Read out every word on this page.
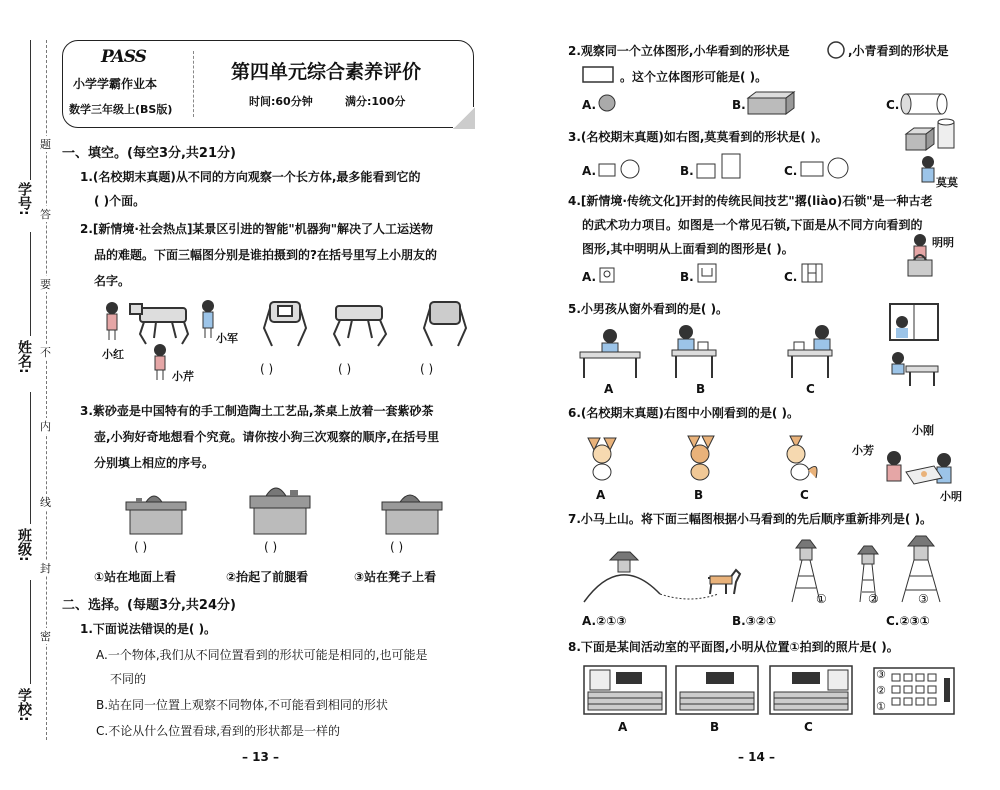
学号:
姓名:
班级:
学校:
题
答
要
不
内
线
封
密
PASS
小学学霸作业本
数学三年级上(BS版)
第四单元综合素养评价
时间:60分钟	满分:100分
一、填空。(每空3分,共21分)
1.(名校期末真题)从不同的方向观察一个长方体,最多能看到它的
( )个面。
2.[新情境·社会热点]某景区引进的智能"机器狗"解决了人工运送物
品的难题。下面三幅图分别是谁拍摄到的?在括号里写上小朋友的
名字。
小红
小军
小芹
( )	( )	( )
3.紫砂壶是中国特有的手工制造陶土工艺品,茶桌上放着一套紫砂茶
壶,小狗好奇地想看个究竟。请你按小狗三次观察的顺序,在括号里
分别填上相应的序号。
( )	( )	( )
①站在地面上看	②抬起了前腿看	③站在凳子上看
二、选择。(每题3分,共24分)
1.下面说法错误的是( )。
A.一个物体,我们从不同位置看到的形状可能是相同的,也可能是
不同的
B.站在同一位置上观察不同物体,不可能看到相同的形状
C.不论从什么位置看球,看到的形状都是一样的
– 13 –
2.观察同一个立体图形,小华看到的形状是	,小青看到的形状是
。这个立体图形可能是( )。
A.	B.	C.
3.(名校期末真题)如右图,莫莫看到的形状是( )。
莫莫
A.	B.	C.
4.[新情境·传统文化]开封的传统民间技艺"撂(liào)石锁"是一种古老
的武术功力项目。如图是一个常见石锁,下面是从不同方向看到的
图形,其中明明从上面看到的图形是( )。	明明
A.	B.	C.
5.小男孩从窗外看到的是( )。
A	B	C
6.(名校期末真题)右图中小刚看到的是( )。
小芳
小刚
小明
A	B	C
7.小马上山。将下面三幅图根据小马看到的先后顺序重新排列是( )。
①	②	③
A.②①③	B.③②①	C.②③①
8.下面是某间活动室的平面图,小明从位置①拍到的照片是( )。
③
②
①
A	B	C
– 14 –
